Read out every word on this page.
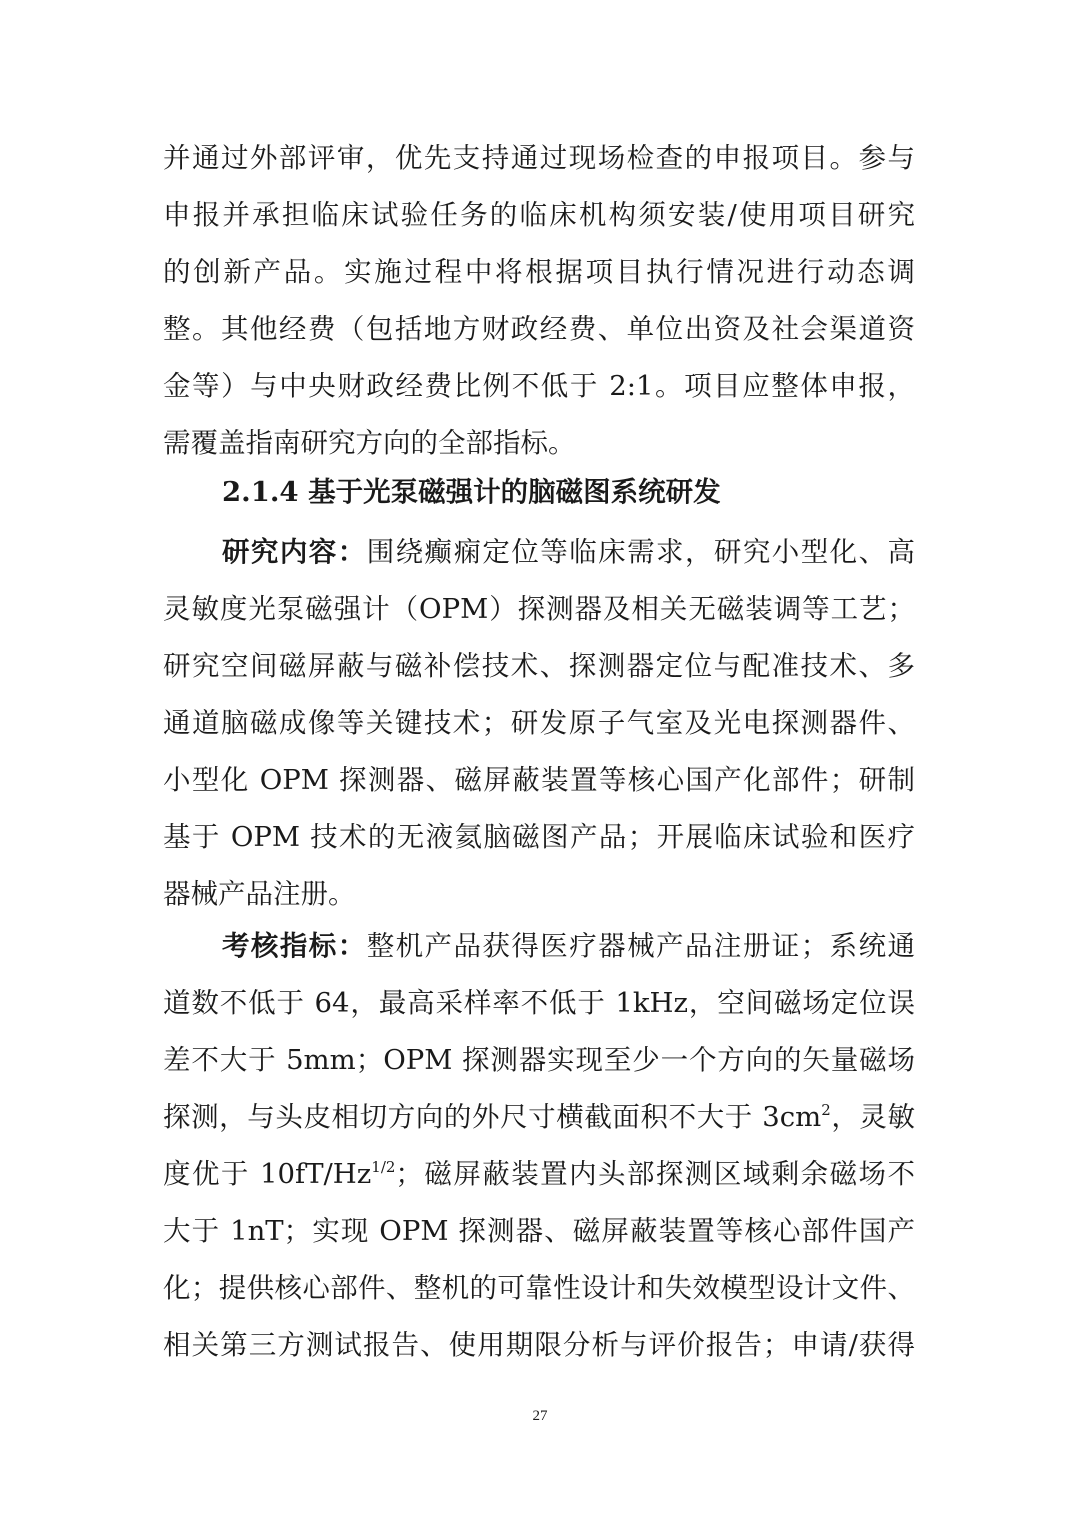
并通过外部评审，优先支持通过现场检查的申报项目。参与
申报并承担临床试验任务的临床机构须安装/使用项目研究
的创新产品。实施过程中将根据项目执行情况进行动态调
整。其他经费（包括地方财政经费、单位出资及社会渠道资
金等）与中央财政经费比例不低于 2:1。项目应整体申报，
需覆盖指南研究方向的全部指标。
2.1.4 基于光泵磁强计的脑磁图系统研发
研究内容：围绕癫痫定位等临床需求，研究小型化、高
灵敏度光泵磁强计（OPM）探测器及相关无磁装调等工艺；
研究空间磁屏蔽与磁补偿技术、探测器定位与配准技术、多
通道脑磁成像等关键技术；研发原子气室及光电探测器件、
小型化 OPM 探测器、磁屏蔽装置等核心国产化部件；研制
基于 OPM 技术的无液氦脑磁图产品；开展临床试验和医疗
器械产品注册。
考核指标：整机产品获得医疗器械产品注册证；系统通
道数不低于 64，最高采样率不低于 1kHz，空间磁场定位误
差不大于 5mm；OPM 探测器实现至少一个方向的矢量磁场
探测，与头皮相切方向的外尺寸横截面积不大于 $3cm^2$，灵敏
度优于 $10fT/Hz^{1/2}$；磁屏蔽装置内头部探测区域剩余磁场不
大于 1nT；实现 OPM 探测器、磁屏蔽装置等核心部件国产
化；提供核心部件、整机的可靠性设计和失效模型设计文件、
相关第三方测试报告、使用期限分析与评价报告；申请/获得
27
